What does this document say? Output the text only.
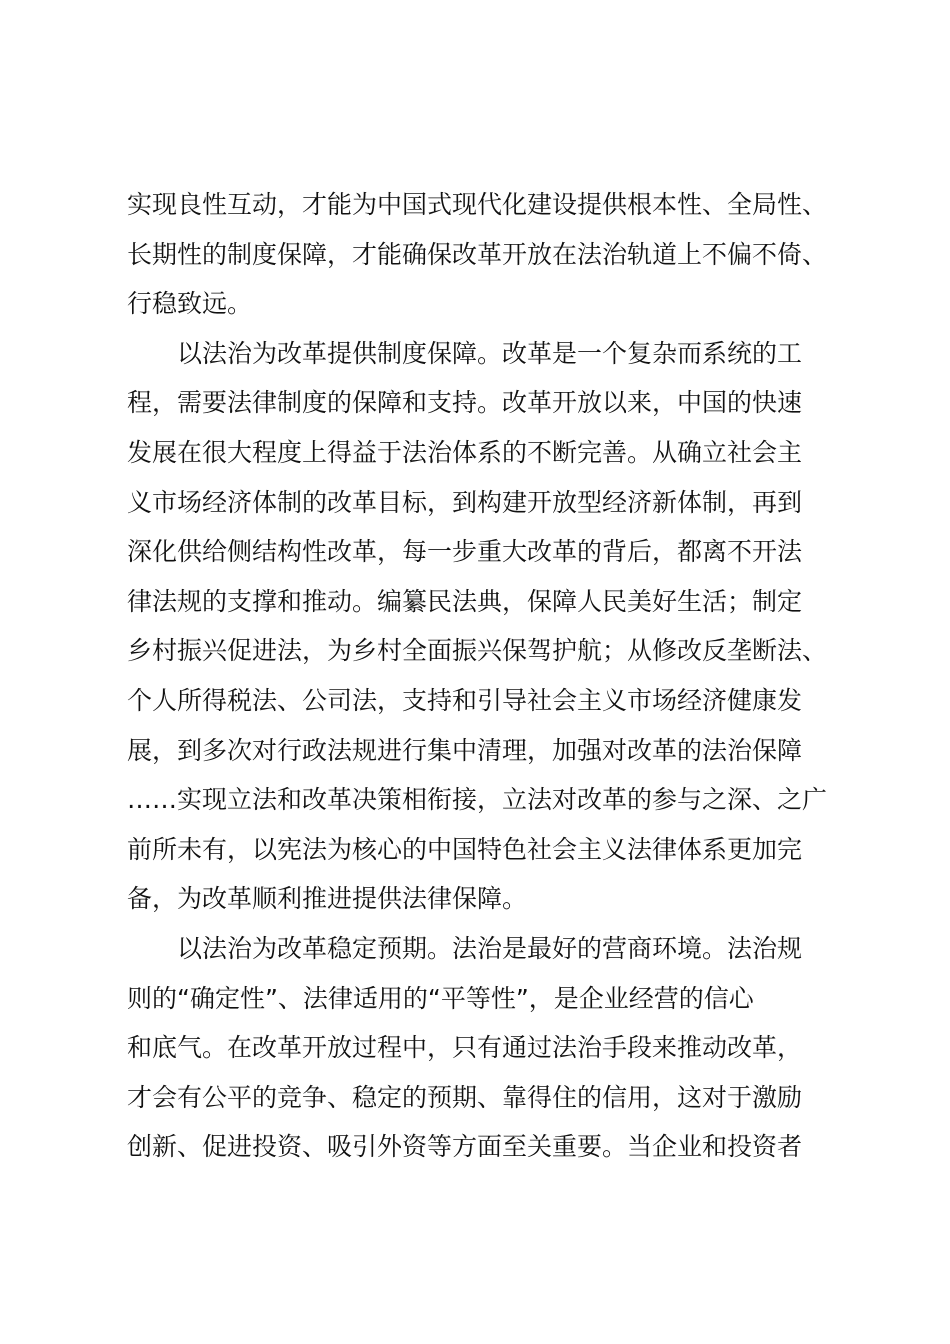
实现良性互动，才能为中国式现代化建设提供根本性、全局性、
长期性的制度保障，才能确保改革开放在法治轨道上不偏不倚、
行稳致远。
以法治为改革提供制度保障。改革是一个复杂而系统的工
程，需要法律制度的保障和支持。改革开放以来，中国的快速
发展在很大程度上得益于法治体系的不断完善。从确立社会主
义市场经济体制的改革目标，到构建开放型经济新体制，再到
深化供给侧结构性改革，每一步重大改革的背后，都离不开法
律法规的支撑和推动。编纂民法典，保障人民美好生活；制定
乡村振兴促进法，为乡村全面振兴保驾护航；从修改反垄断法、
个人所得税法、公司法，支持和引导社会主义市场经济健康发
展，到多次对行政法规进行集中清理，加强对改革的法治保障
……实现立法和改革决策相衔接，立法对改革的参与之深、之广
前所未有，以宪法为核心的中国特色社会主义法律体系更加完
备，为改革顺利推进提供法律保障。
以法治为改革稳定预期。法治是最好的营商环境。法治规
则的“确定性”、法律适用的“平等性”，是企业经营的信心
和底气。在改革开放过程中，只有通过法治手段来推动改革，
才会有公平的竞争、稳定的预期、靠得住的信用，这对于激励
创新、促进投资、吸引外资等方面至关重要。当企业和投资者
